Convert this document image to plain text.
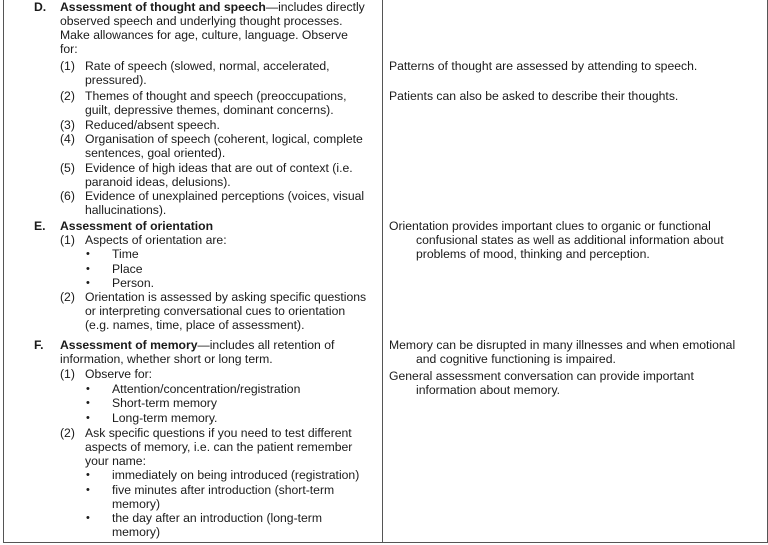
D. Assessment of thought and speech—includes directly
observed speech and underlying thought processes.
Make allowances for age, culture, language. Observe
for:
(1) Rate of speech (slowed, normal, accelerated,
pressured).
(2) Themes of thought and speech (preoccupations,
guilt, depressive themes, dominant concerns).
(3) Reduced/absent speech.
(4) Organisation of speech (coherent, logical, complete
sentences, goal oriented).
(5) Evidence of high ideas that are out of context (i.e.
paranoid ideas, delusions).
(6) Evidence of unexplained perceptions (voices, visual
hallucinations).
Patterns of thought are assessed by attending to speech.
Patients can also be asked to describe their thoughts.
E. Assessment of orientation
(1) Aspects of orientation are:
• Time
• Place
• Person.
(2) Orientation is assessed by asking specific questions
or interpreting conversational cues to orientation
(e.g. names, time, place of assessment).
Orientation provides important clues to organic or functional
confusional states as well as additional information about
problems of mood, thinking and perception.
F. Assessment of memory—includes all retention of
information, whether short or long term.
(1) Observe for:
• Attention/concentration/registration
• Short-term memory
• Long-term memory.
(2) Ask specific questions if you need to test different
aspects of memory, i.e. can the patient remember
your name:
• immediately on being introduced (registration)
• five minutes after introduction (short-term
memory)
• the day after an introduction (long-term
memory)
Memory can be disrupted in many illnesses and when emotional
and cognitive functioning is impaired.
General assessment conversation can provide important
information about memory.
